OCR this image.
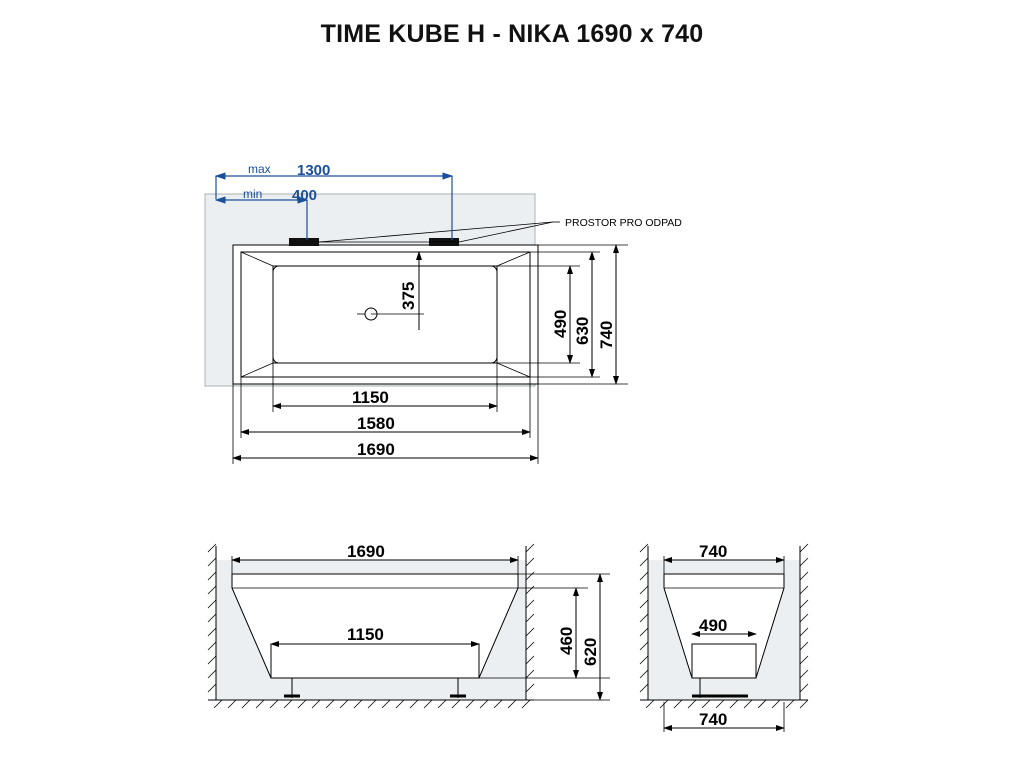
TIME KUBE H - NIKA 1690 x 740
PROSTOR PRO ODPAD
max 1300
min 400
375
490 630 740
1150
1580
1690
1690
1150	460 620
740
490
740
